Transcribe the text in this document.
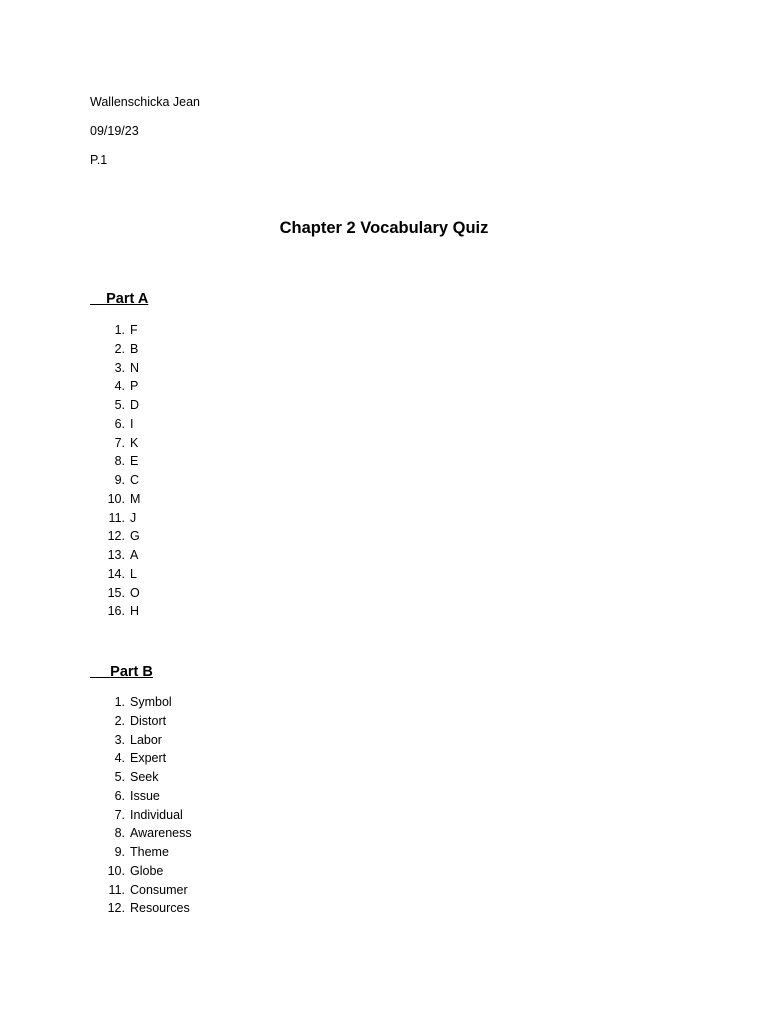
Wallenschicka Jean
09/19/23
P.1
Chapter 2 Vocabulary Quiz
Part A
1. F
2. B
3. N
4. P
5. D
6. I
7. K
8. E
9. C
10. M
11. J
12. G
13. A
14. L
15. O
16. H
Part B
1. Symbol
2. Distort
3. Labor
4. Expert
5. Seek
6. Issue
7. Individual
8. Awareness
9. Theme
10. Globe
11. Consumer
12. Resources
